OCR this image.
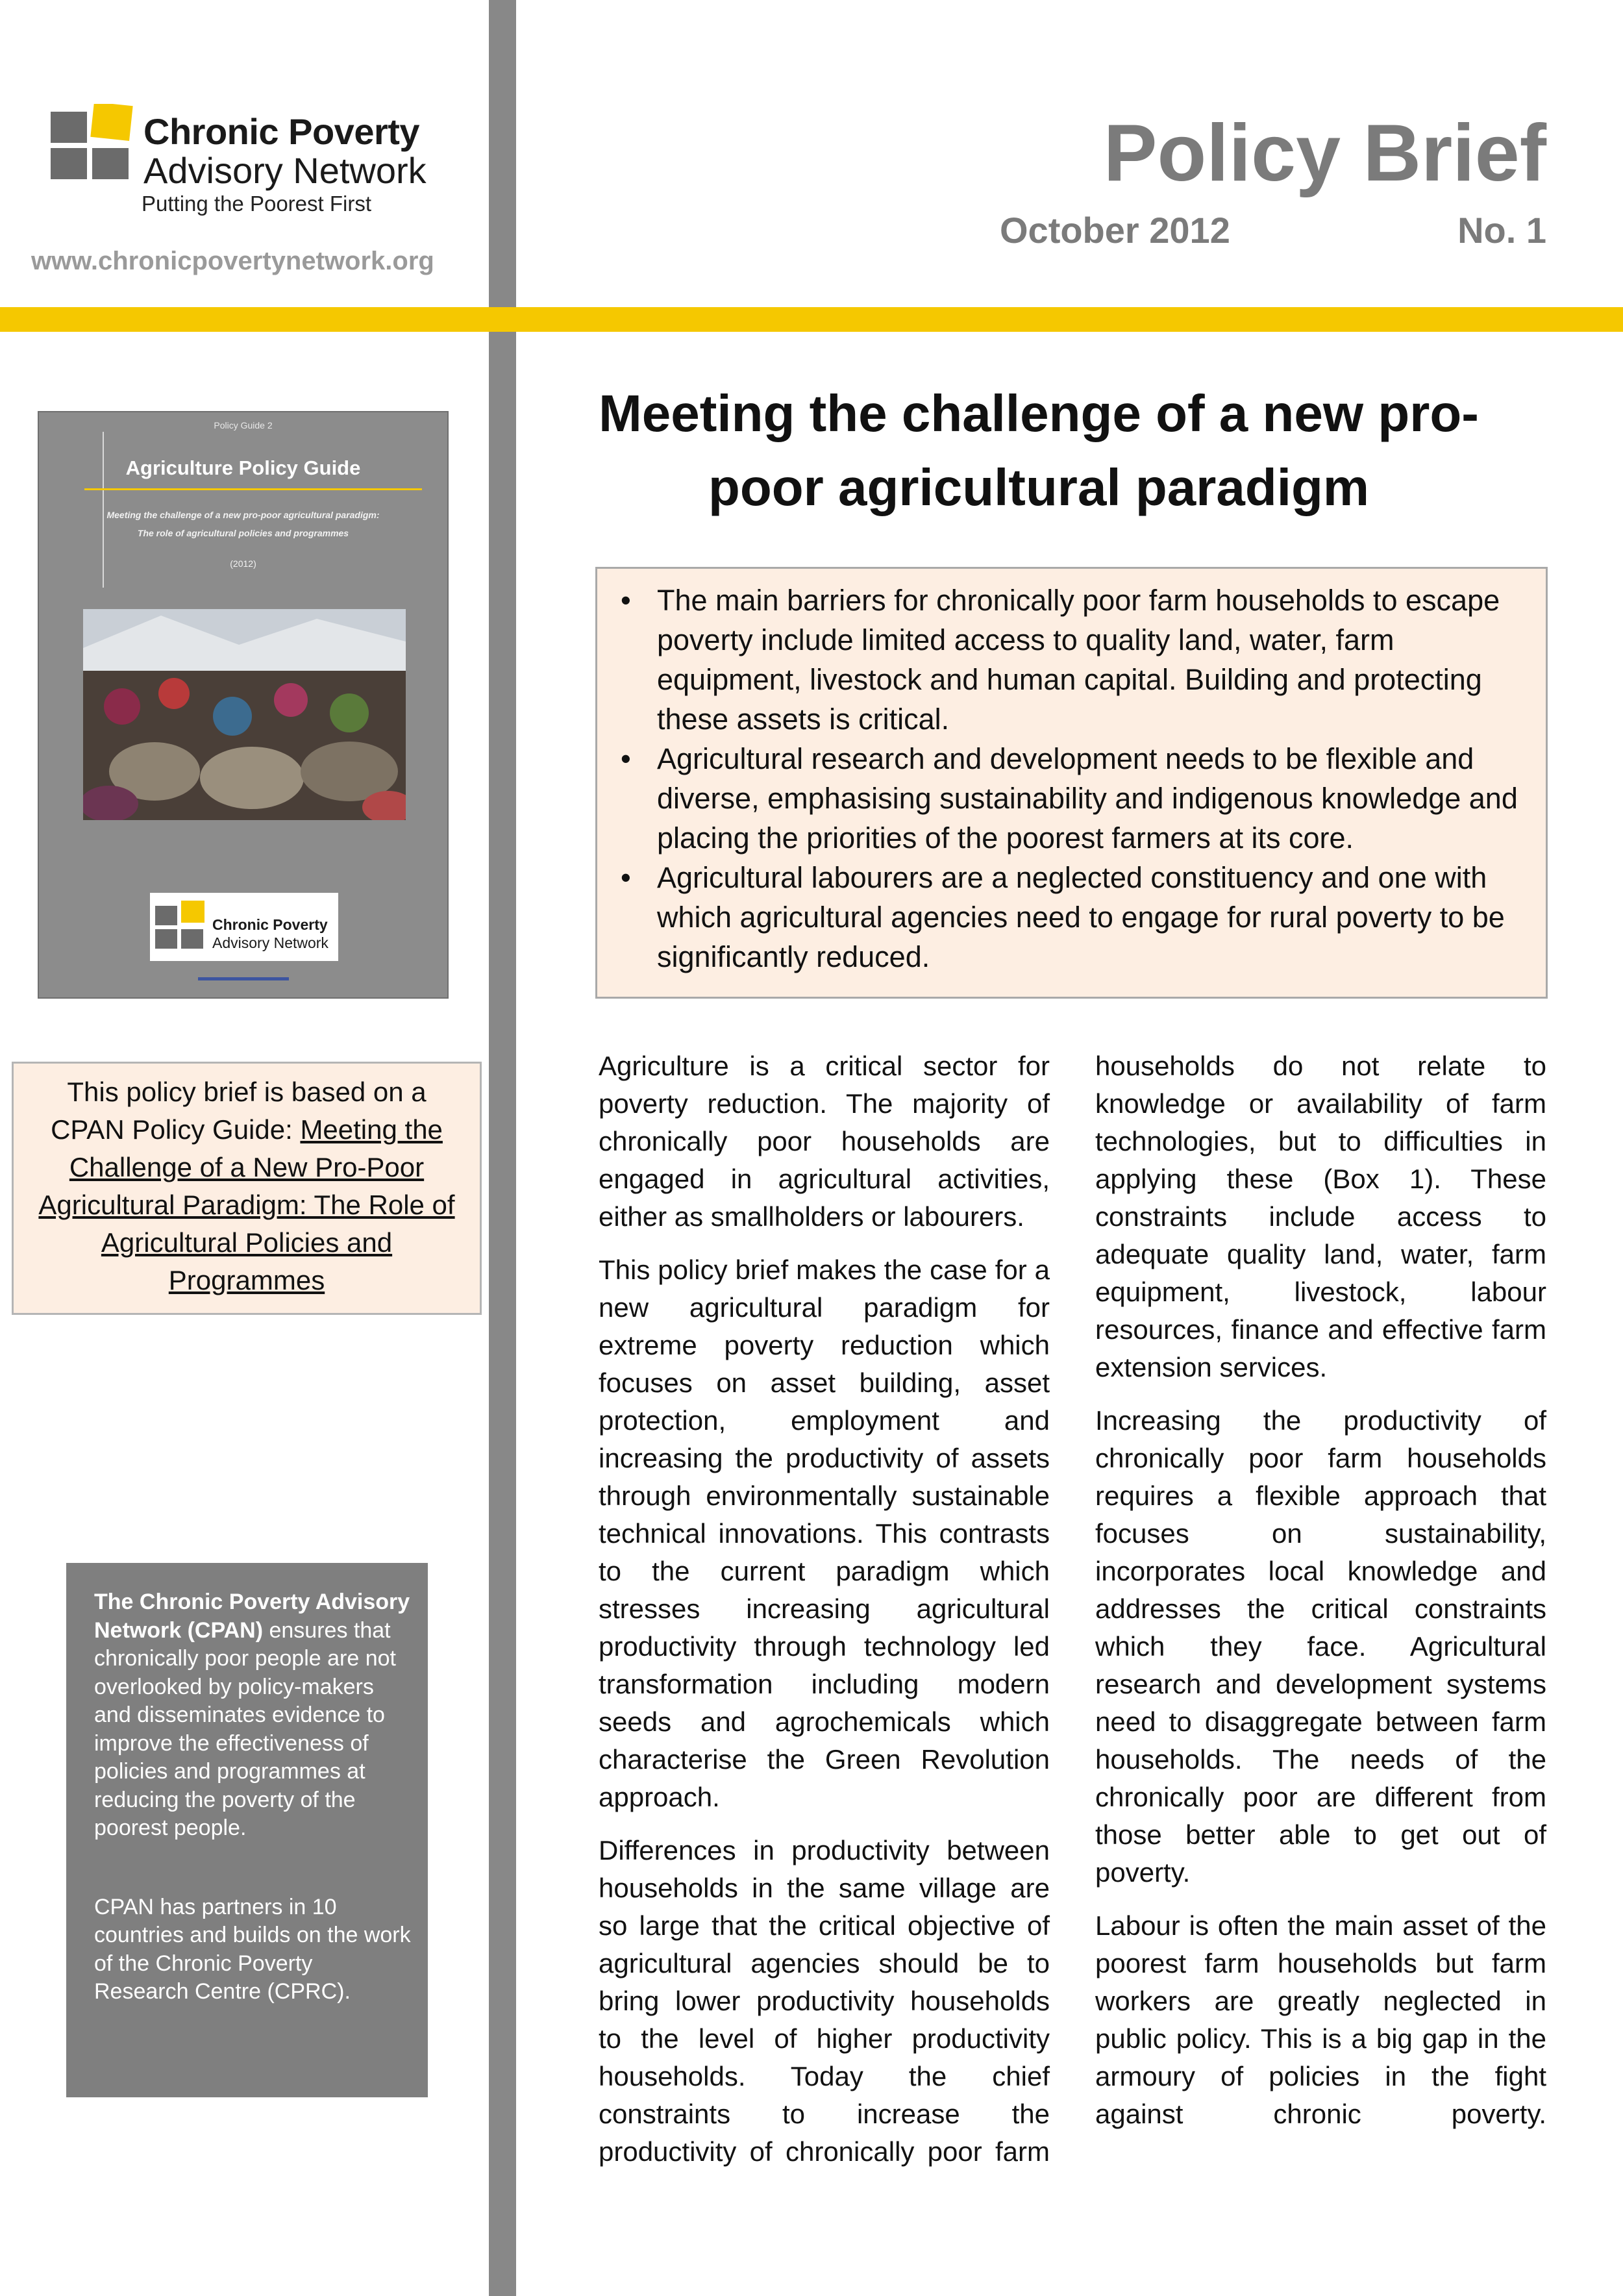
Chronic Poverty
Advisory Network
Putting the Poorest First
www.chronicpovertynetwork.org
Policy Brief
October 2012	No. 1
Policy Guide 2
Agriculture Policy Guide
Meeting the challenge of a new pro-poor agricultural paradigm:
The role of agricultural policies and programmes
(2012)
Chronic Poverty
Advisory Network
Meeting the challenge of a new pro-
poor agricultural paradigm
• The main barriers for chronically poor farm households to escape poverty include limited access to quality land, water, farm equipment, livestock and human capital. Building and protecting these assets is critical.
• Agricultural research and development needs to be flexible and diverse, emphasising sustainability and indigenous knowledge and placing the priorities of the poorest farmers at its core.
• Agricultural labourers are a neglected constituency and one with which agricultural agencies need to engage for rural poverty to be significantly reduced.

This policy brief is based on a CPAN Policy Guide: Meeting the Challenge of a New Pro-Poor Agricultural Paradigm: The Role of Agricultural Policies and Programmes

The Chronic Poverty Advisory Network (CPAN) ensures that chronically poor people are not overlooked by policy-makers and disseminates evidence to improve the effectiveness of policies and programmes at reducing the poverty of the poorest people.

CPAN has partners in 10 countries and builds on the work of the Chronic Poverty Research Centre (CPRC).

Agriculture is a critical sector for poverty reduction. The majority of chronically poor households are engaged in agricultural activities, either as smallholders or labourers.

This policy brief makes the case for a new agricultural paradigm for extreme poverty reduction which focuses on asset building, asset protection, employment and increasing the productivity of assets through environmentally sustainable technical innovations. This contrasts to the current paradigm which stresses increasing agricultural productivity through technology led transformation including modern seeds and agrochemicals which characterise the Green Revolution approach.

Differences in productivity between households in the same village are so large that the critical objective of agricultural agencies should be to bring lower productivity households to the level of higher productivity households. Today the chief constraints to increase the productivity of chronically poor farm

households do not relate to knowledge or availability of farm technologies, but to difficulties in applying these (Box 1). These constraints include access to adequate quality land, water, farm equipment, livestock, labour resources, finance and effective farm extension services.

Increasing the productivity of chronically poor farm households requires a flexible approach that focuses on sustainability, incorporates local knowledge and addresses the critical constraints which they face. Agricultural research and development systems need to disaggregate between farm households. The needs of the chronically poor are different from those better able to get out of poverty.

Labour is often the main asset of the poorest farm households but farm workers are greatly neglected in public policy. This is a big gap in the armoury of policies in the fight against chronic poverty.
